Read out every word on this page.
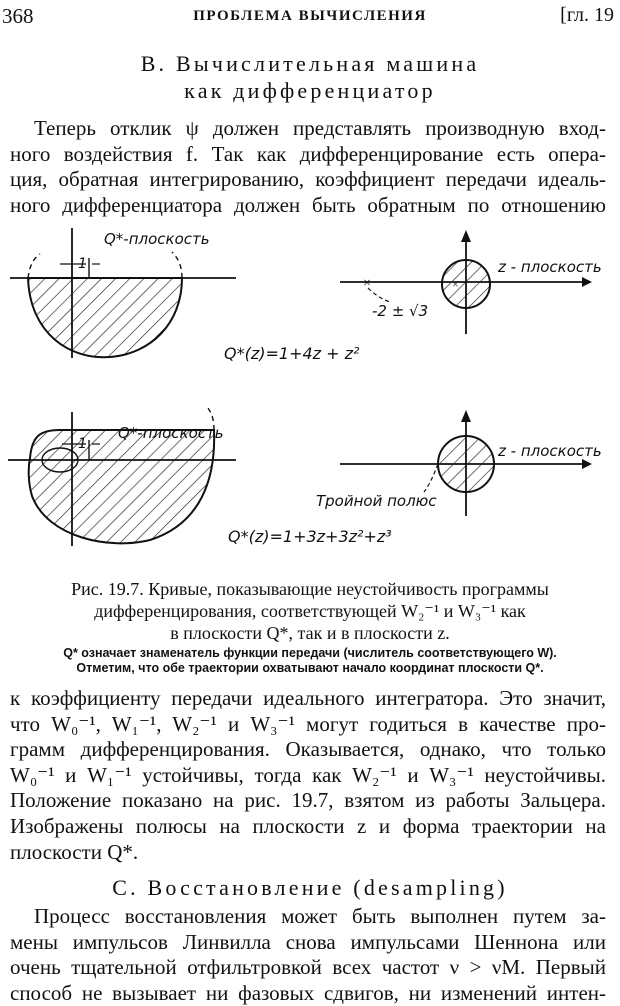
368	ПРОБЛЕМА ВЫЧИСЛЕНИЯ	[гл. 19
В. Вычислительная машина
как дифференциатор
Теперь отклик ψ должен представлять производную вход-
ного воздействия f. Так как дифференцирование есть опера-
ция, обратная интегрированию, коэффициент передачи идеаль-
ного дифференциатора должен быть обратным по отношению
1
Q*-плоскость
×	×
-2 ± √3
z - плоскость
Q*(z)=1+4z + z²
1
Q*-плоскость
Тройной полюс
z - плоскость
Q*(z)=1+3z+3z²+z³
Рис. 19.7. Кривые, показывающие неустойчивость программы
дифференцирования, соответствующей W₂⁻¹ и W₃⁻¹ как
в плоскости Q*, так и в плоскости z.
Q* означает знаменатель функции передачи (числитель соответствующего W).
Отметим, что обе траектории охватывают начало координат плоскости Q*.
к коэффициенту передачи идеального интегратора. Это значит,
что W₀⁻¹, W₁⁻¹, W₂⁻¹ и W₃⁻¹ могут годиться в качестве про-
грамм дифференцирования. Оказывается, однако, что только
W₀⁻¹ и W₁⁻¹ устойчивы, тогда как W₂⁻¹ и W₃⁻¹ неустойчивы.
Положение показано на рис. 19.7, взятом из работы Зальцера.
Изображены полюсы на плоскости z и форма траектории на
плоскости Q*.
С. Восстановление (desampling)
Процесс восстановления может быть выполнен путем за-
мены импульсов Линвилла снова импульсами Шеннона или
очень тщательной отфильтровкой всех частот ν > νM. Первый
способ не вызывает ни фазовых сдвигов, ни изменений интен-
